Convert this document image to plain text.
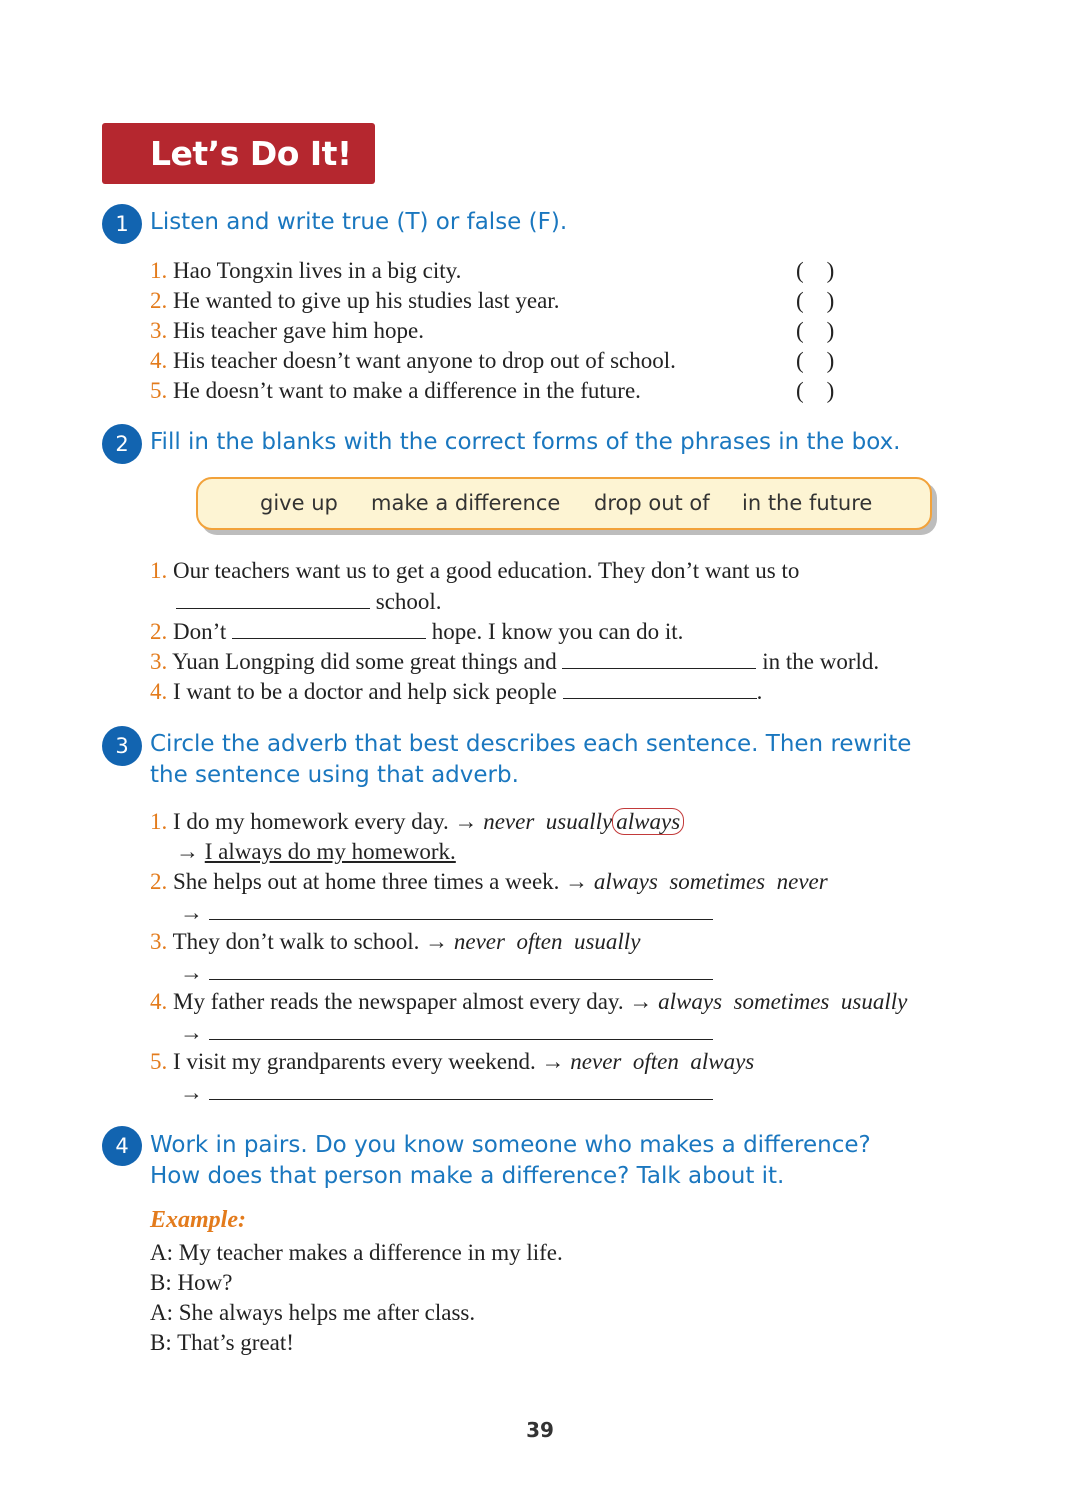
Let’s Do It!
1 Listen and write true (T) or false (F).
1. Hao Tongxin lives in a big city.	(    )
2. He wanted to give up his studies last year.	(    )
3. His teacher gave him hope.	(    )
4. His teacher doesn’t want anyone to drop out of school.	(    )
5. He doesn’t want to make a difference in the future.	(    )
2 Fill in the blanks with the correct forms of the phrases in the box.
give up make a difference drop out of in the future
1. Our teachers want us to get a good education. They don’t want us to
school.
2. Don’t	hope. I know you can do it.
3. Yuan Longping did some great things and	in the world.
4. I want to be a doctor and help sick people	.
3 Circle the adverb that best describes each sentence. Then rewrite
the sentence using that adverb.
1. I do my homework every day. → never usually always
→ I always do my homework.
2. She helps out at home three times a week. → always sometimes never
→
3. They don’t walk to school. → never often usually
→
4. My father reads the newspaper almost every day. → always sometimes usually
→
5. I visit my grandparents every weekend. → never often always
→
4 Work in pairs. Do you know someone who makes a difference?
How does that person make a difference? Talk about it.
Example:
A: My teacher makes a difference in my life.
B: How?
A: She always helps me after class.
B: That’s great!
39
